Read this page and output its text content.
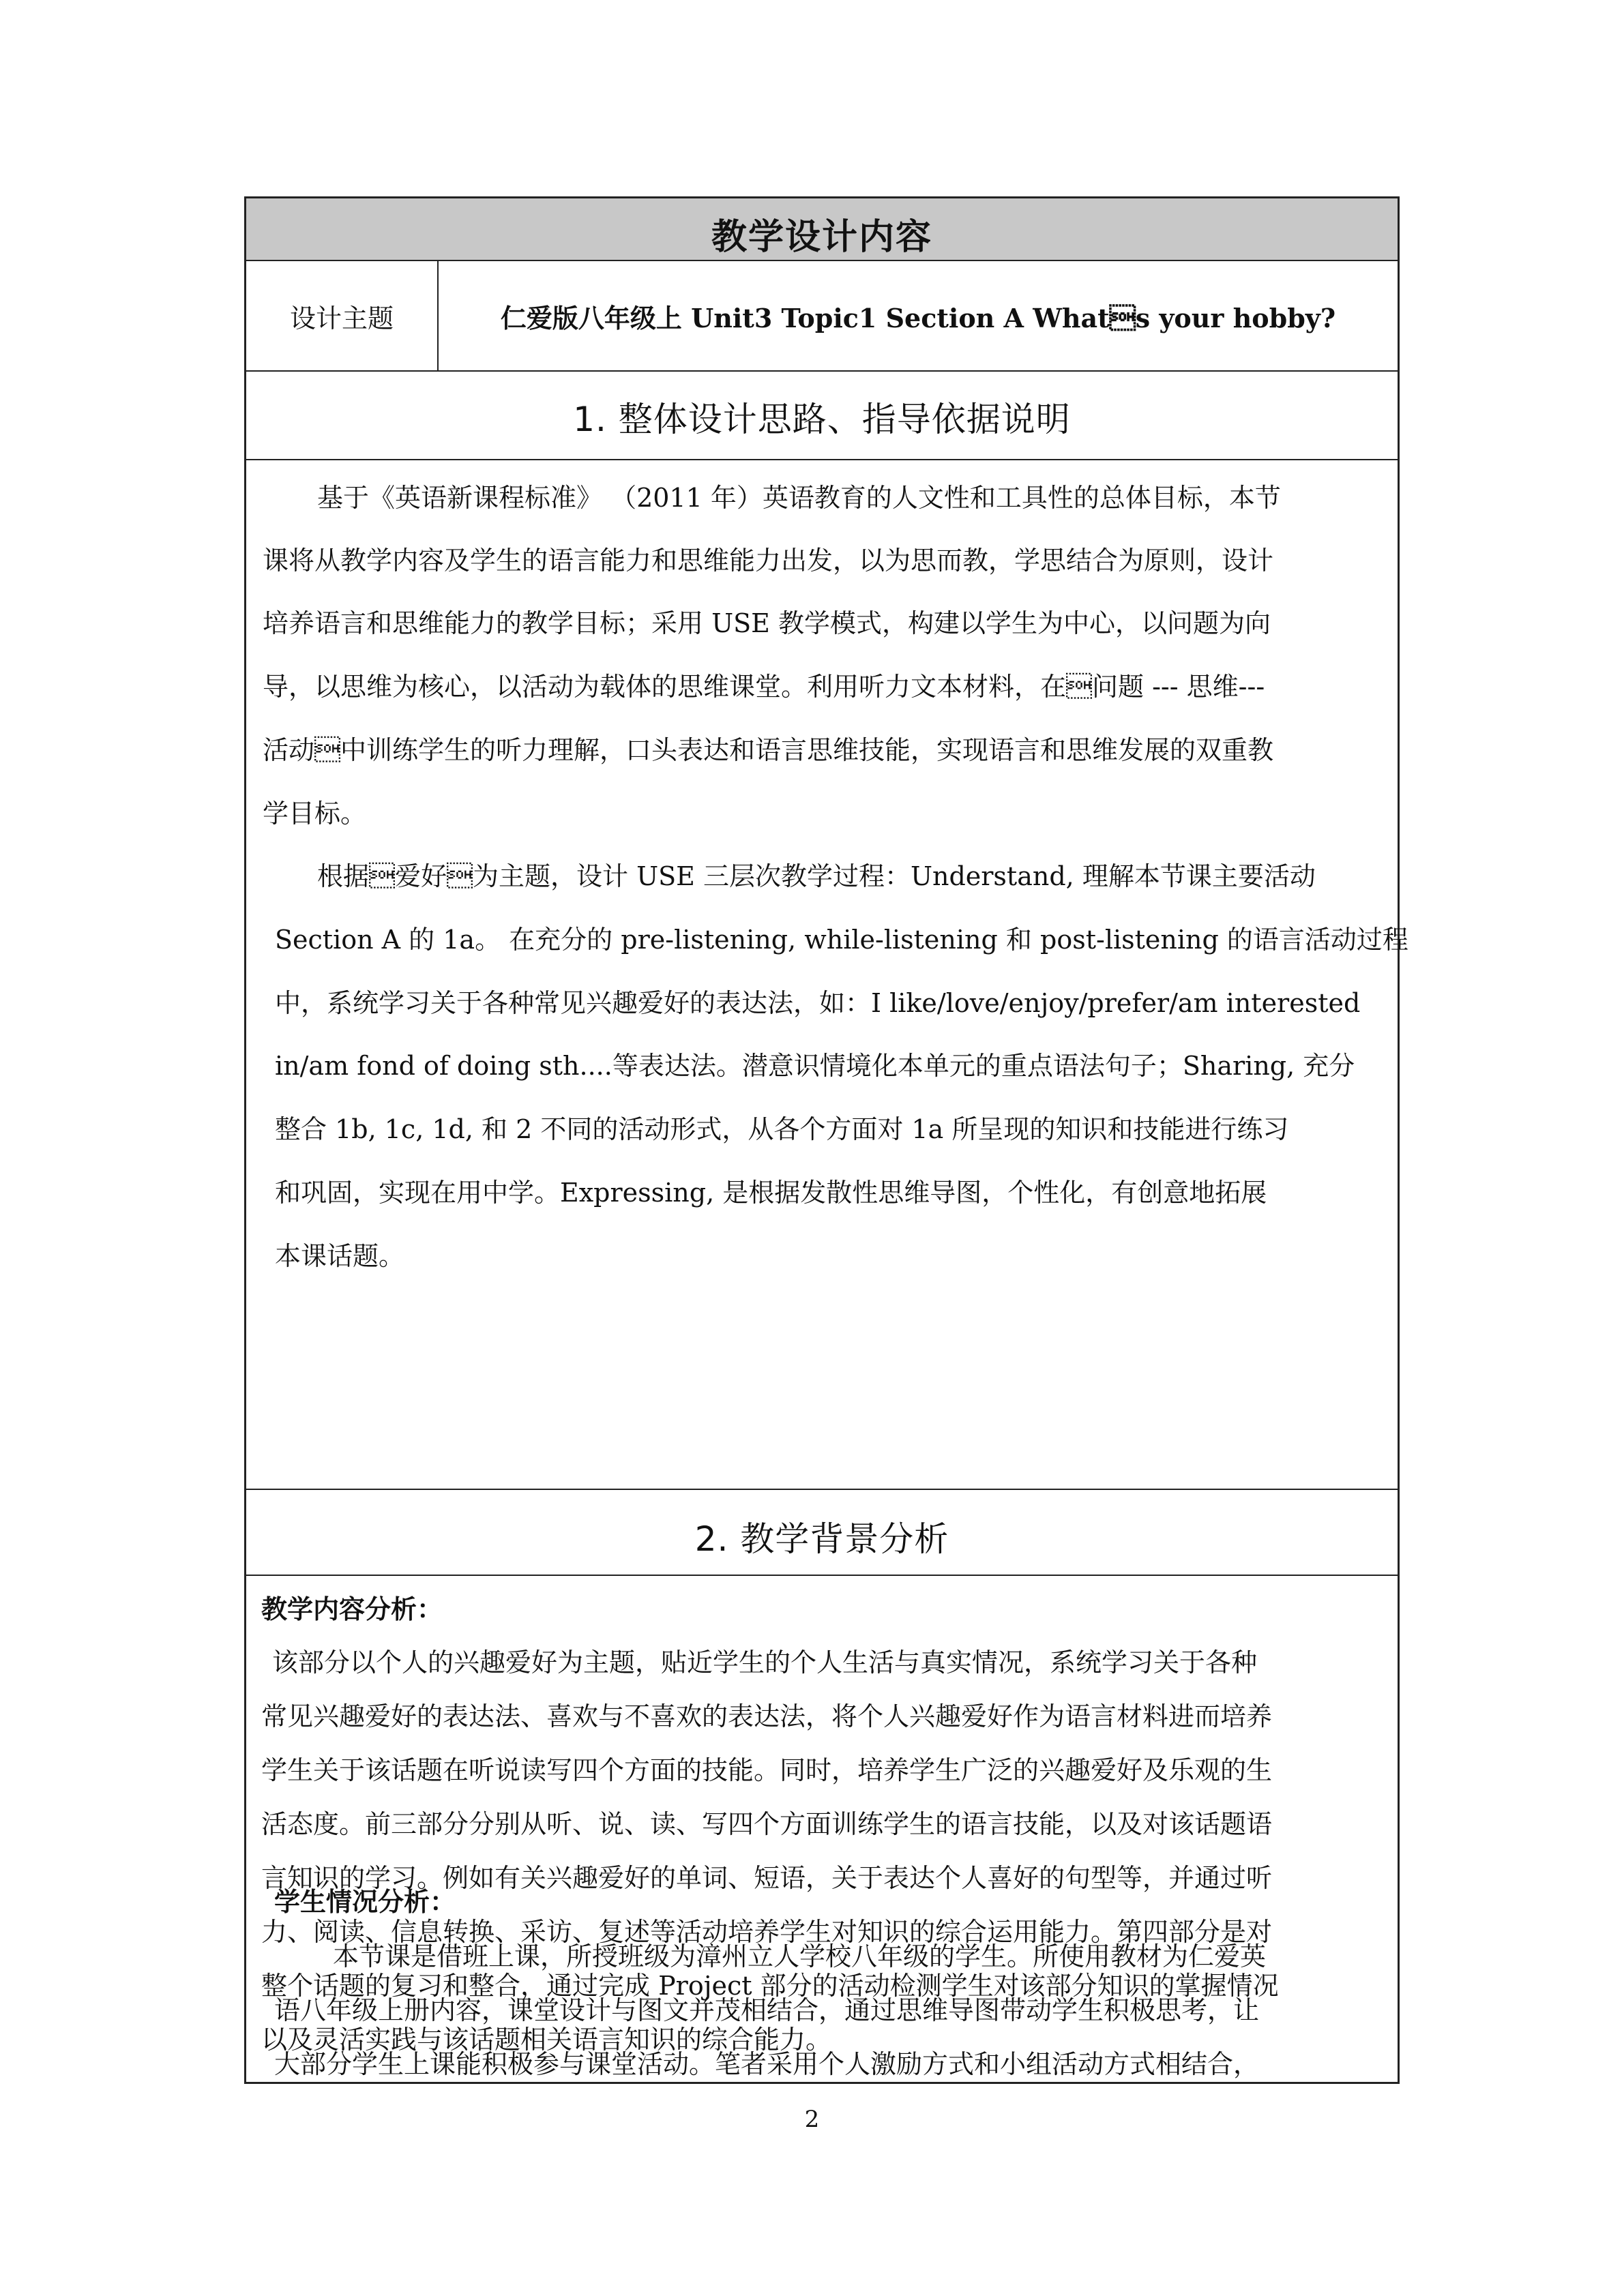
教学设计内容
设计主题	仁爱版八年级上 Unit3 Topic1 Section A Whats your hobby?
1. 整体设计思路、指导依据说明
基于《英语新课程标准》 （2011 年）英语教育的人文性和工具性的总体目标，本节
课将从教学内容及学生的语言能力和思维能力出发，以为思而教，学思结合为原则，设计
培养语言和思维能力的教学目标；采用 USE 教学模式，构建以学生为中心，以问题为向
导，以思维为核心，以活动为载体的思维课堂。利用听力文本材料，在问题 --- 思维---
活动中训练学生的听力理解，口头表达和语言思维技能，实现语言和思维发展的双重教
学目标。
根据爱好为主题，设计 USE 三层次教学过程：Understand, 理解本节课主要活动
Section A 的 1a。 在充分的 pre-listening, while-listening 和 post-listening 的语言活动过程
中，系统学习关于各种常见兴趣爱好的表达法，如：I like/love/enjoy/prefer/am interested
in/am fond of doing sth....等表达法。潜意识情境化本单元的重点语法句子；Sharing, 充分
整合 1b, 1c, 1d, 和 2 不同的活动形式，从各个方面对 1a 所呈现的知识和技能进行练习
和巩固，实现在用中学。Expressing, 是根据发散性思维导图，个性化，有创意地拓展
本课话题。
2. 教学背景分析
教学内容分析：
该部分以个人的兴趣爱好为主题，贴近学生的个人生活与真实情况，系统学习关于各种
常见兴趣爱好的表达法、喜欢与不喜欢的表达法，将个人兴趣爱好作为语言材料进而培养
学生关于该话题在听说读写四个方面的技能。同时，培养学生广泛的兴趣爱好及乐观的生
活态度。前三部分分别从听、说、读、写四个方面训练学生的语言技能，以及对该话题语
言知识的学习。例如有关兴趣爱好的单词、短语，关于表达个人喜好的句型等，并通过听
力、阅读、信息转换、采访、复述等活动培养学生对知识的综合运用能力。第四部分是对
整个话题的复习和整合，通过完成 Project 部分的活动检测学生对该部分知识的掌握情况
以及灵活实践与该话题相关语言知识的综合能力。
学生情况分析：
本节课是借班上课，所授班级为漳州立人学校八年级的学生。所使用教材为仁爱英
语八年级上册内容，课堂设计与图文并茂相结合，通过思维导图带动学生积极思考，让
大部分学生上课能积极参与课堂活动。笔者采用个人激励方式和小组活动方式相结合，
2
